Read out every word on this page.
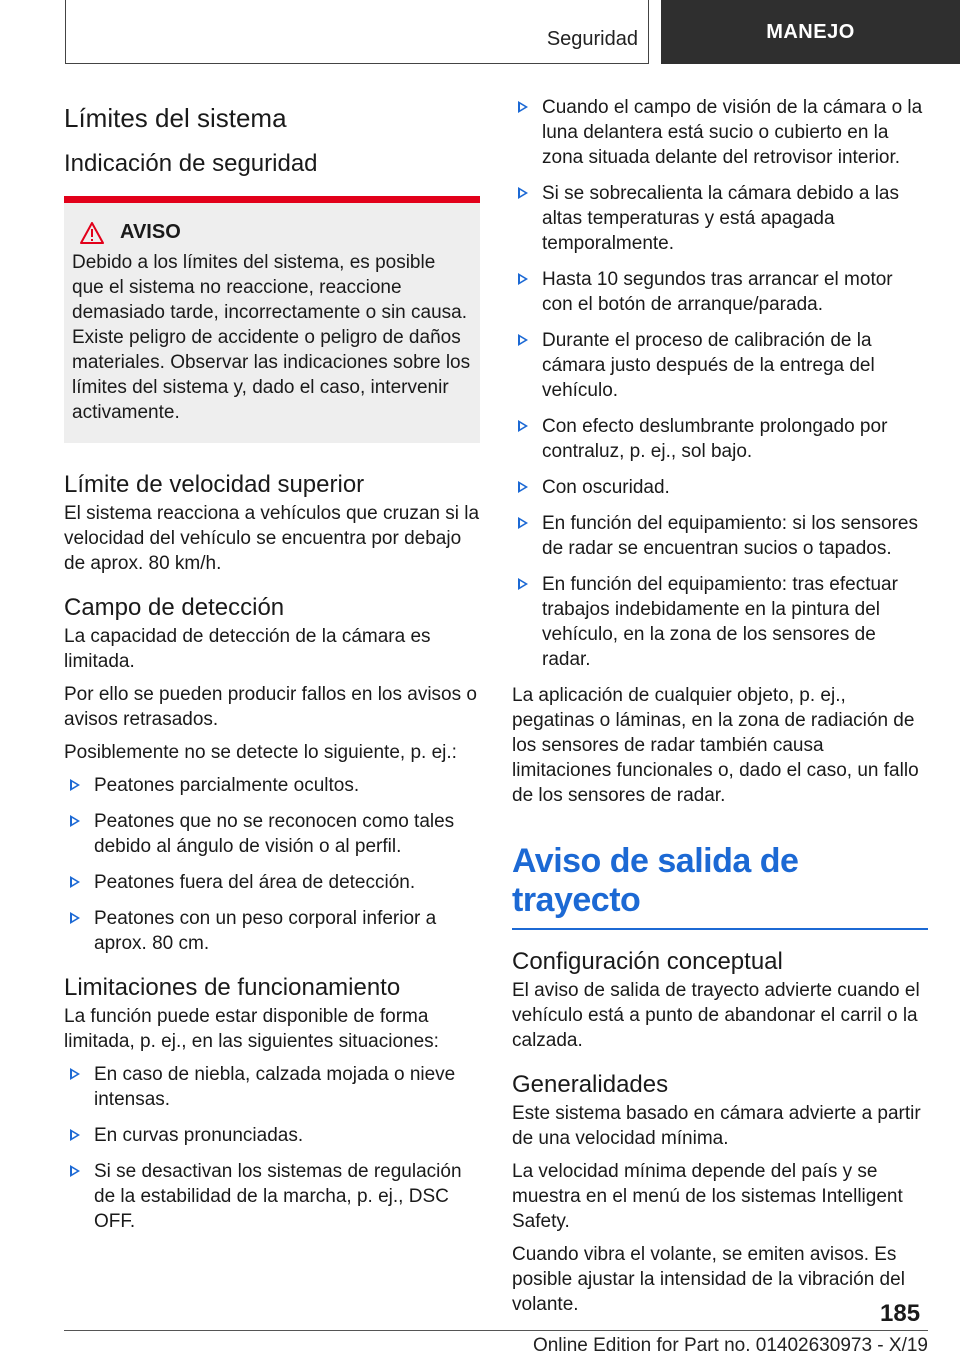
Seguridad	MANEJO
Límites del sistema
Indicación de seguridad
AVISO

Debido a los límites del sistema, es posible que el sistema no reaccione, reaccione demasiado tarde, incorrectamente o sin causa. Existe peligro de accidente o peligro de daños materiales. Observar las indicaciones sobre los límites del sistema y, dado el caso, intervenir activamente.

Límite de velocidad superior

El sistema reacciona a vehículos que cruzan si la velocidad del vehículo se encuentra por debajo de aprox. 80 km/h.

Campo de detección

La capacidad de detección de la cámara es limitada.

Por ello se pueden producir fallos en los avisos o avisos retrasados.

Posiblemente no se detecte lo siguiente, p. ej.:

Peatones parcialmente ocultos.
Peatones que no se reconocen como tales debido al ángulo de visión o al perfil.
Peatones fuera del área de detección.
Peatones con un peso corporal inferior a aprox. 80 cm.
Limitaciones de funcionamiento

La función puede estar disponible de forma limitada, p. ej., en las siguientes situaciones:

En caso de niebla, calzada mojada o nieve intensas.
En curvas pronunciadas.
Si se desactivan los sistemas de regulación de la estabilidad de la marcha, p. ej., DSC OFF.
Cuando el campo de visión de la cámara o la luna delantera está sucio o cubierto en la zona situada delante del retrovisor interior.
Si se sobrecalienta la cámara debido a las altas temperaturas y está apagada temporalmente.
Hasta 10 segundos tras arrancar el motor con el botón de arranque/parada.
Durante el proceso de calibración de la cámara justo después de la entrega del vehículo.
Con efecto deslumbrante prolongado por contraluz, p. ej., sol bajo.
Con oscuridad.
En función del equipamiento: si los sensores de radar se encuentran sucios o tapados.
En función del equipamiento: tras efectuar trabajos indebidamente en la pintura del vehículo, en la zona de los sensores de radar.

La aplicación de cualquier objeto, p. ej., pegatinas o láminas, en la zona de radiación de los sensores de radar también causa limitaciones funcionales o, dado el caso, un fallo de los sensores de radar.

Aviso de salida de trayecto
Configuración conceptual

El aviso de salida de trayecto advierte cuando el vehículo está a punto de abandonar el carril o la calzada.

Generalidades

Este sistema basado en cámara advierte a partir de una velocidad mínima.

La velocidad mínima depende del país y se muestra en el menú de los sistemas Intelligent Safety.

Cuando vibra el volante, se emiten avisos. Es posible ajustar la intensidad de la vibración del volante.	185
Online Edition for Part no. 01402630973 - X/19
